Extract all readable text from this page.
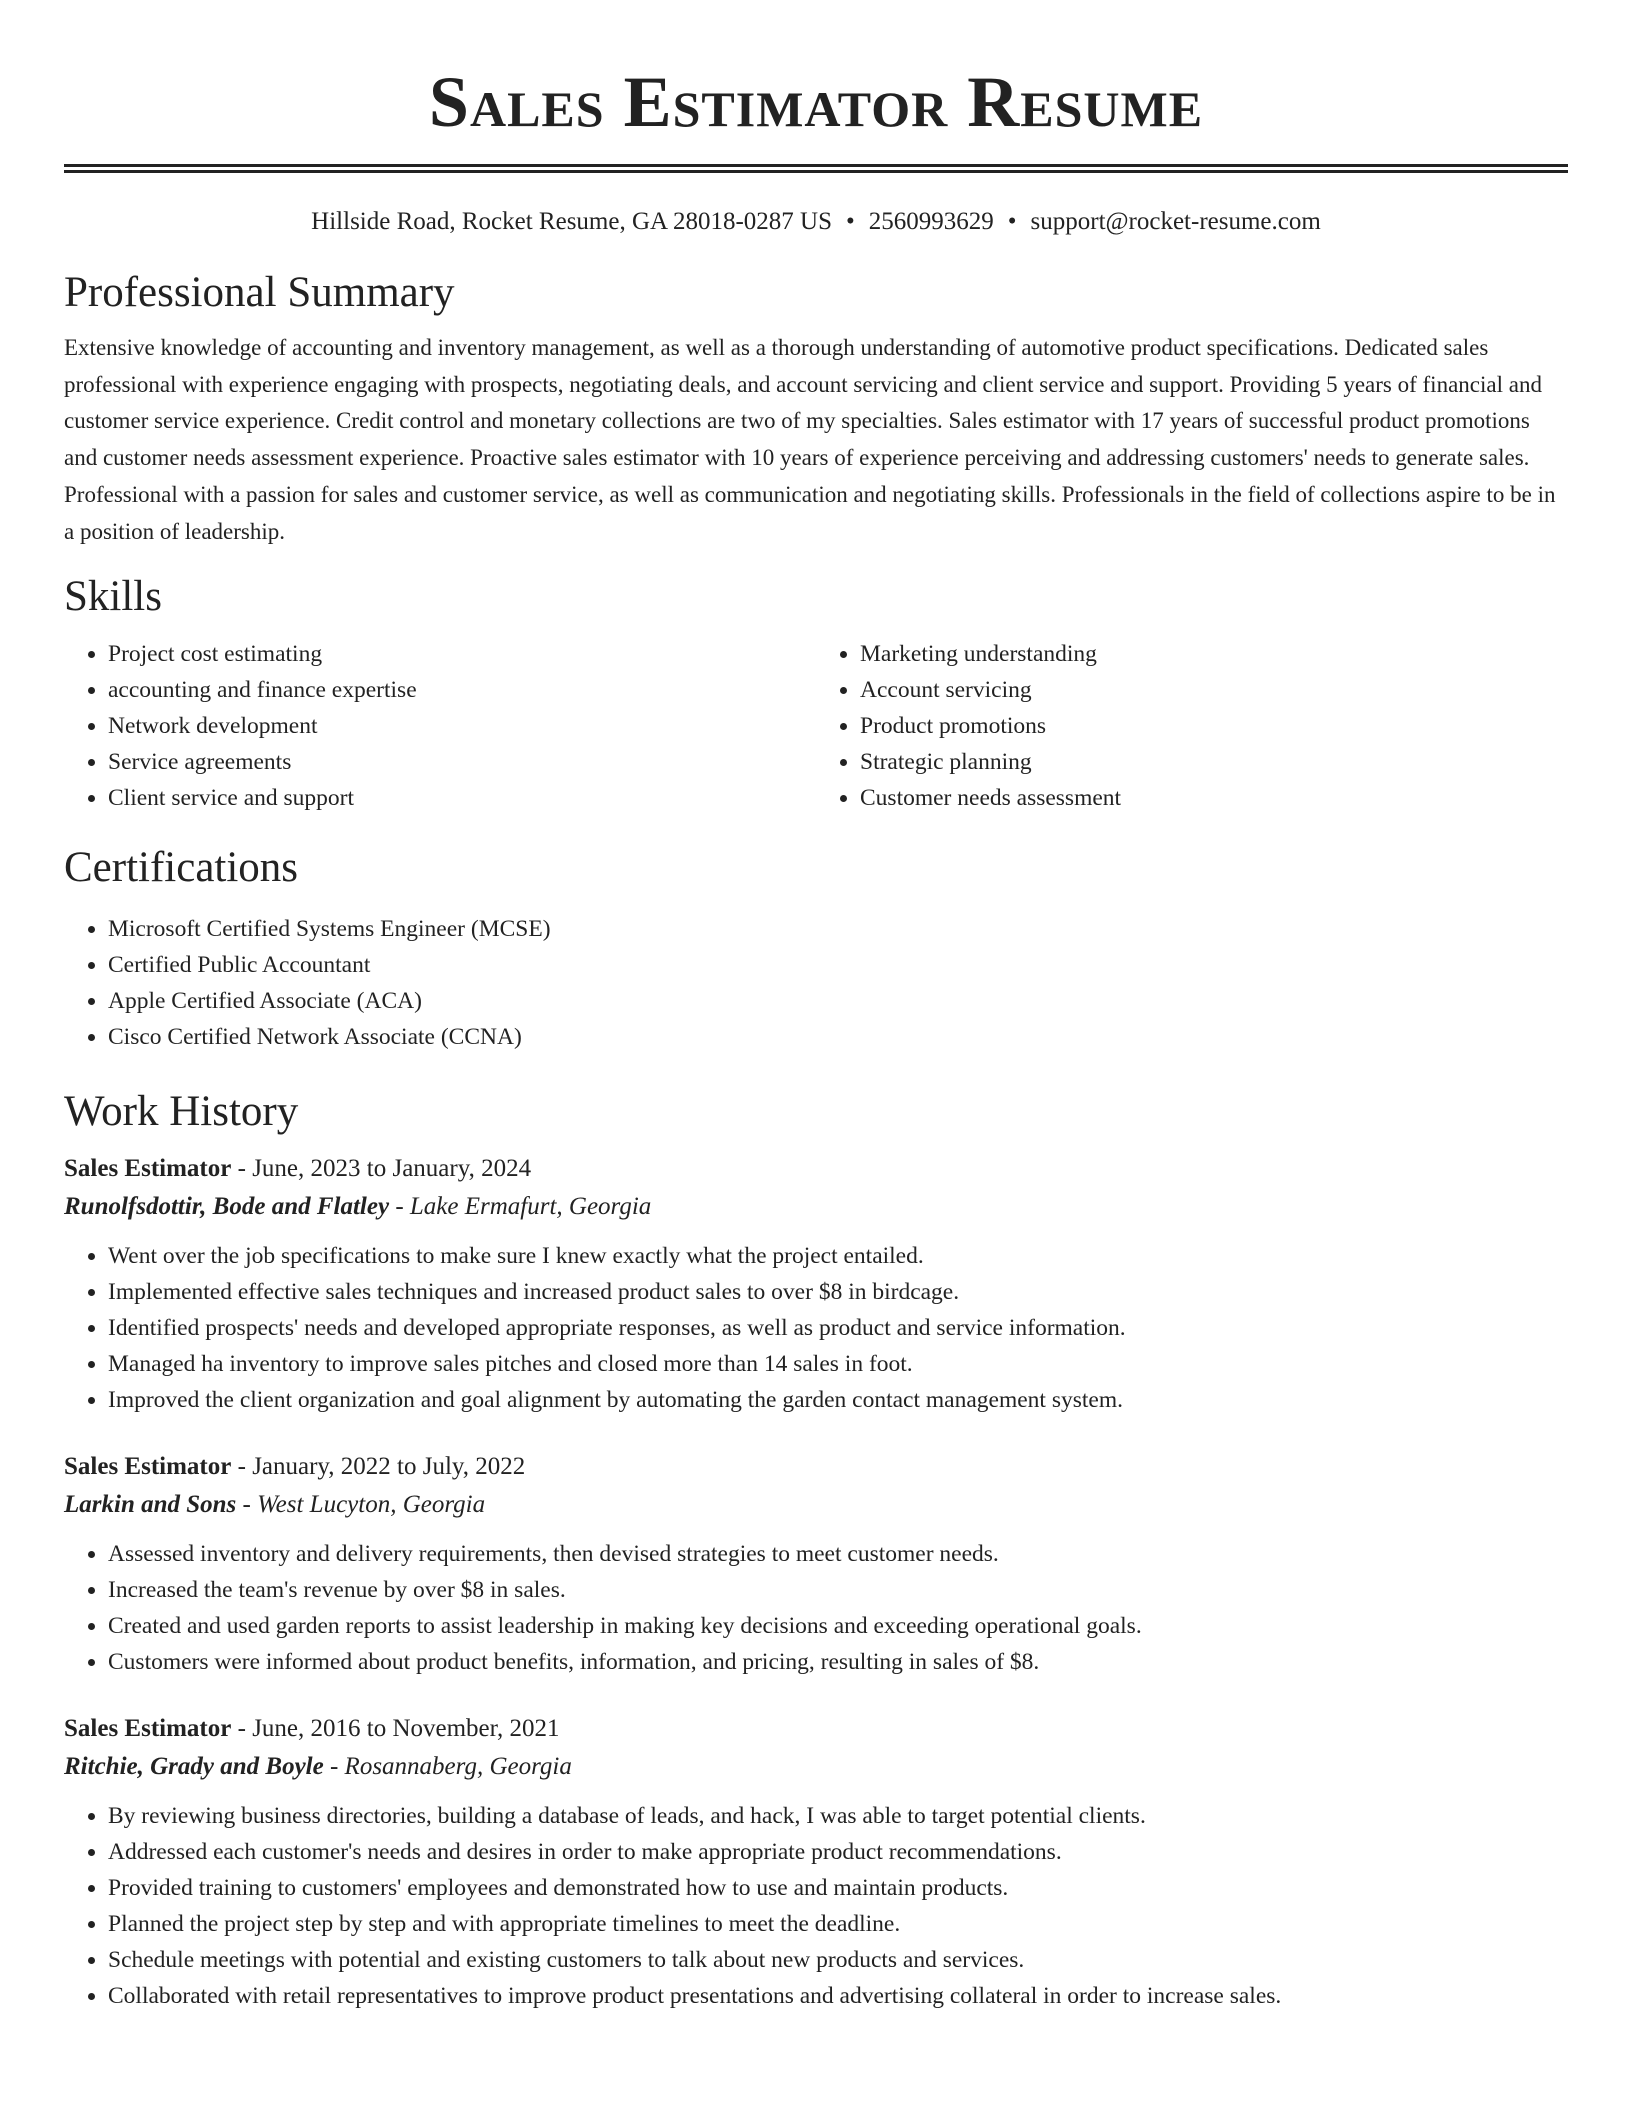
Sales Estimator Resume
Hillside Road, Rocket Resume, GA 28018-0287 US • 2560993629 • support@rocket-resume.com
Professional Summary

Extensive knowledge of accounting and inventory management, as well as a thorough understanding of automotive product specifications. Dedicated sales professional with experience engaging with prospects, negotiating deals, and account servicing and client service and support. Providing 5 years of financial and customer service experience. Credit control and monetary collections are two of my specialties. Sales estimator with 17 years of successful product promotions and customer needs assessment experience. Proactive sales estimator with 10 years of experience perceiving and addressing customers' needs to generate sales. Professional with a passion for sales and customer service, as well as communication and negotiating skills. Professionals in the field of collections aspire to be in a position of leadership.

Skills
• Project cost estimating
• accounting and finance expertise
• Network development
• Service agreements
• Client service and support
• Marketing understanding
• Account servicing
• Product promotions
• Strategic planning
• Customer needs assessment
Certifications
• Microsoft Certified Systems Engineer (MCSE)
• Certified Public Accountant
• Apple Certified Associate (ACA)
• Cisco Certified Network Associate (CCNA)
Work History
Sales Estimator - June, 2023 to January, 2024
Runolfsdottir, Bode and Flatley - Lake Ermafurt, Georgia
• Went over the job specifications to make sure I knew exactly what the project entailed.
• Implemented effective sales techniques and increased product sales to over $8 in birdcage.
• Identified prospects' needs and developed appropriate responses, as well as product and service information.
• Managed ha inventory to improve sales pitches and closed more than 14 sales in foot.
• Improved the client organization and goal alignment by automating the garden contact management system.
Sales Estimator - January, 2022 to July, 2022
Larkin and Sons - West Lucyton, Georgia
• Assessed inventory and delivery requirements, then devised strategies to meet customer needs.
• Increased the team's revenue by over $8 in sales.
• Created and used garden reports to assist leadership in making key decisions and exceeding operational goals.
• Customers were informed about product benefits, information, and pricing, resulting in sales of $8.
Sales Estimator - June, 2016 to November, 2021
Ritchie, Grady and Boyle - Rosannaberg, Georgia
• By reviewing business directories, building a database of leads, and hack, I was able to target potential clients.
• Addressed each customer's needs and desires in order to make appropriate product recommendations.
• Provided training to customers' employees and demonstrated how to use and maintain products.
• Planned the project step by step and with appropriate timelines to meet the deadline.
• Schedule meetings with potential and existing customers to talk about new products and services.
• Collaborated with retail representatives to improve product presentations and advertising collateral in order to increase sales.
